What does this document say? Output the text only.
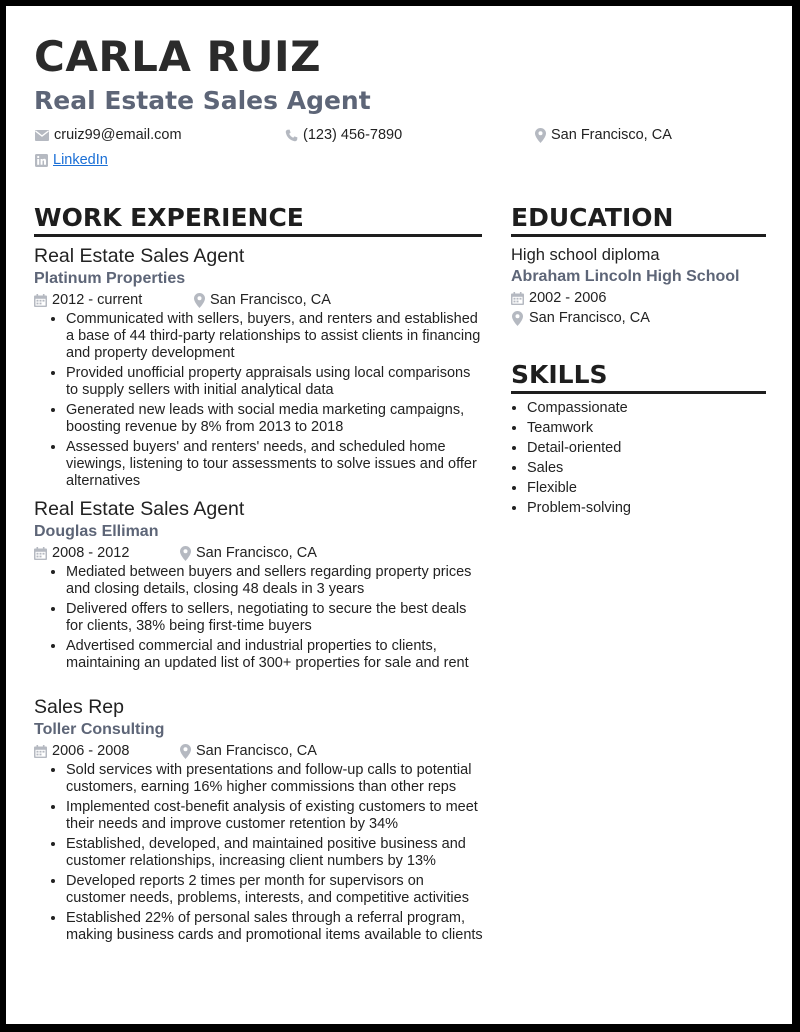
CARLA RUIZ
Real Estate Sales Agent
cruiz99@email.com	(123) 456-7890	San Francisco, CA
LinkedIn
WORK EXPERIENCE
Real Estate Sales Agent
Platinum Properties
2012 - current	San Francisco, CA
• Communicated with sellers, buyers, and renters and established a base of 44 third-party relationships to assist clients in financing and property development
• Provided unofficial property appraisals using local comparisons to supply sellers with initial analytical data
• Generated new leads with social media marketing campaigns, boosting revenue by 8% from 2013 to 2018
• Assessed buyers' and renters' needs, and scheduled home viewings, listening to tour assessments to solve issues and offer alternatives
Real Estate Sales Agent
Douglas Elliman
2008 - 2012	San Francisco, CA
• Mediated between buyers and sellers regarding property prices and closing details, closing 48 deals in 3 years
• Delivered offers to sellers, negotiating to secure the best deals for clients, 38% being first-time buyers
• Advertised commercial and industrial properties to clients, maintaining an updated list of 300+ properties for sale and rent
Sales Rep
Toller Consulting
2006 - 2008	San Francisco, CA
• Sold services with presentations and follow-up calls to potential customers, earning 16% higher commissions than other reps
• Implemented cost-benefit analysis of existing customers to meet their needs and improve customer retention by 34%
• Established, developed, and maintained positive business and customer relationships, increasing client numbers by 13%
• Developed reports 2 times per month for supervisors on customer needs, problems, interests, and competitive activities
• Established 22% of personal sales through a referral program, making business cards and promotional items available to clients
EDUCATION
High school diploma
Abraham Lincoln High School
2002 - 2006
San Francisco, CA
SKILLS
• Compassionate
• Teamwork
• Detail-oriented
• Sales
• Flexible
• Problem-solving
